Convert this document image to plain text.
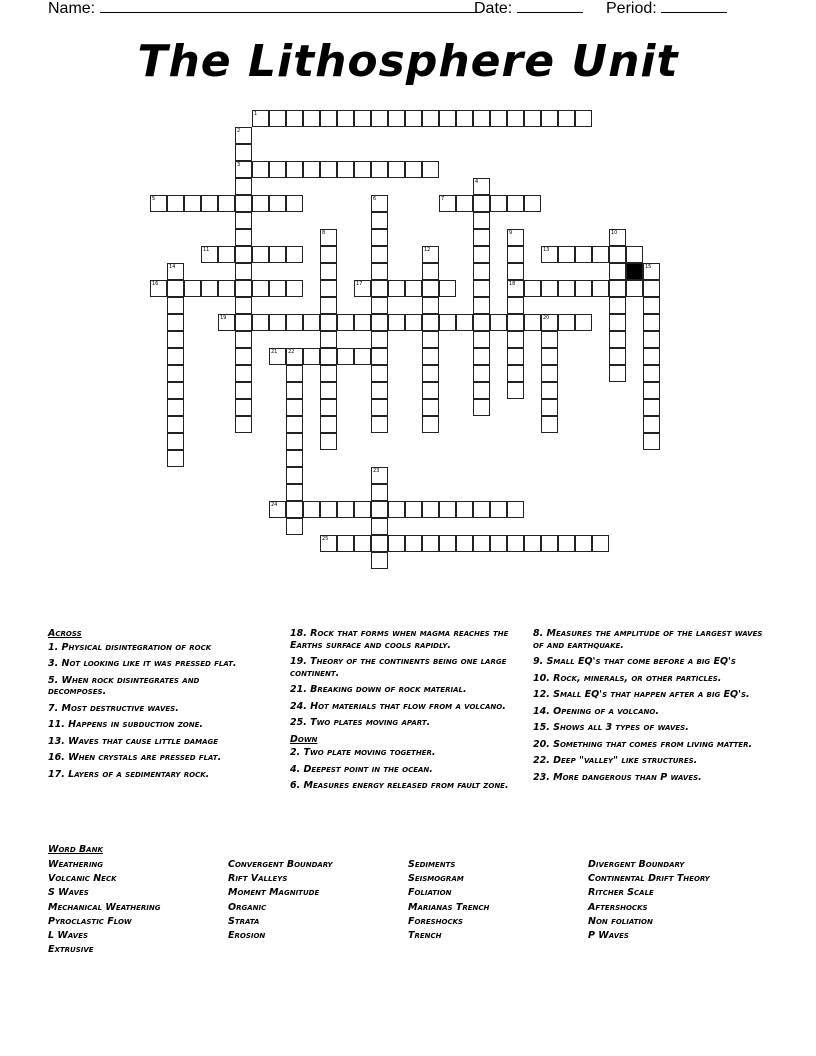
Name:	Date:	Period:
The Lithosphere Unit
1
2
3
4
5	6	7
8	9
18
10
11	12	13
14	15
16	17
19	20
21 22
23
24
25
Across
1. Physical disintegration of rock
3. Not looking like it was pressed flat.
5. When rock disintegrates and decomposes.
7. Most destructive waves.
11. Happens in subduction zone.
13. Waves that cause little damage
16. When crystals are pressed flat.
17. Layers of a sedimentary rock.
18. Rock that forms when magma reaches the Earths surface and cools rapidly.
19. Theory of the continents being one large continent.
21. Breaking down of rock material.
24. Hot materials that flow from a volcano.
25. Two plates moving apart.
Down
2. Two plate moving together.
4. Deepest point in the ocean.
6. Measures energy released from fault zone.
8. Measures the amplitude of the largest waves of and earthquake.
9. Small EQ's that come before a big EQ's
10. Rock, minerals, or other particles.
12. Small EQ's that happen after a big EQ's.
14. Opening of a volcano.
15. Shows all 3 types of waves.
20. Something that comes from living matter.
22. Deep "valley" like structures.
23. More dangerous than P waves.
Word Bank
Weathering
Volcanic Neck
S Waves
Mechanical Weathering
Pyroclastic Flow
L Waves
Extrusive
Convergent Boundary
Rift Valleys
Moment Magnitude
Organic
Strata
Erosion
Sediments
Seismogram
Foliation
Marianas Trench
Foreshocks
Trench
Divergent Boundary
Continental Drift Theory
Ritcher Scale
Aftershocks
Non foliation
P Waves
